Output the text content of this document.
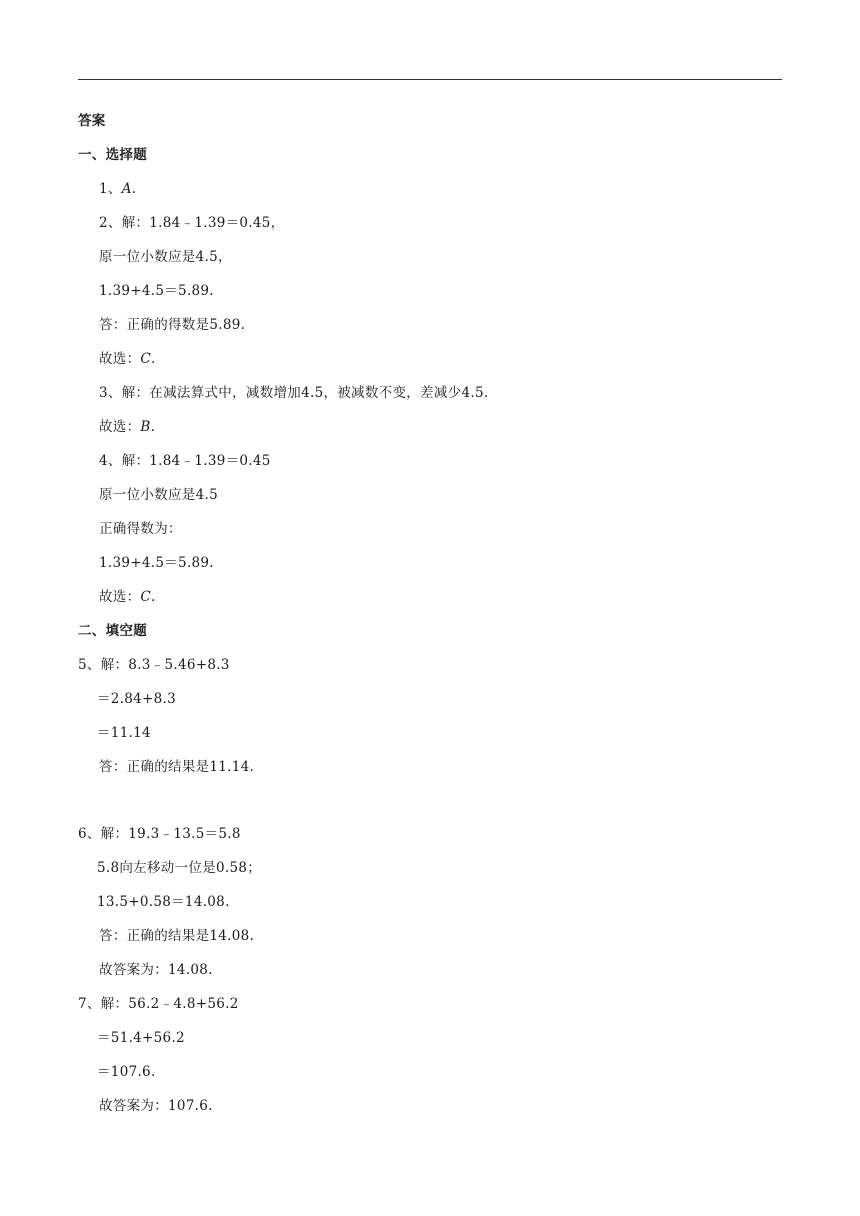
答案
一、选择题
1、A.
2、解：1.84﹣1.39＝0.45，
原一位小数应是4.5，
1.39+4.5＝5.89.
答：正确的得数是5.89.
故选：C.
3、解：在减法算式中，减数增加4.5，被减数不变，差减少4.5.
故选：B.
4、解：1.84﹣1.39＝0.45
原一位小数应是4.5
正确得数为：
1.39+4.5＝5.89.
故选：C.
二、填空题
5、解：8.3﹣5.46+8.3
＝2.84+8.3
＝11.14
答：正确的结果是11.14.
6、解：19.3﹣13.5＝5.8
5.8向左移动一位是0.58；
13.5+0.58＝14.08.
答：正确的结果是14.08.
故答案为：14.08.
7、解：56.2﹣4.8+56.2
＝51.4+56.2
＝107.6.
故答案为：107.6.
